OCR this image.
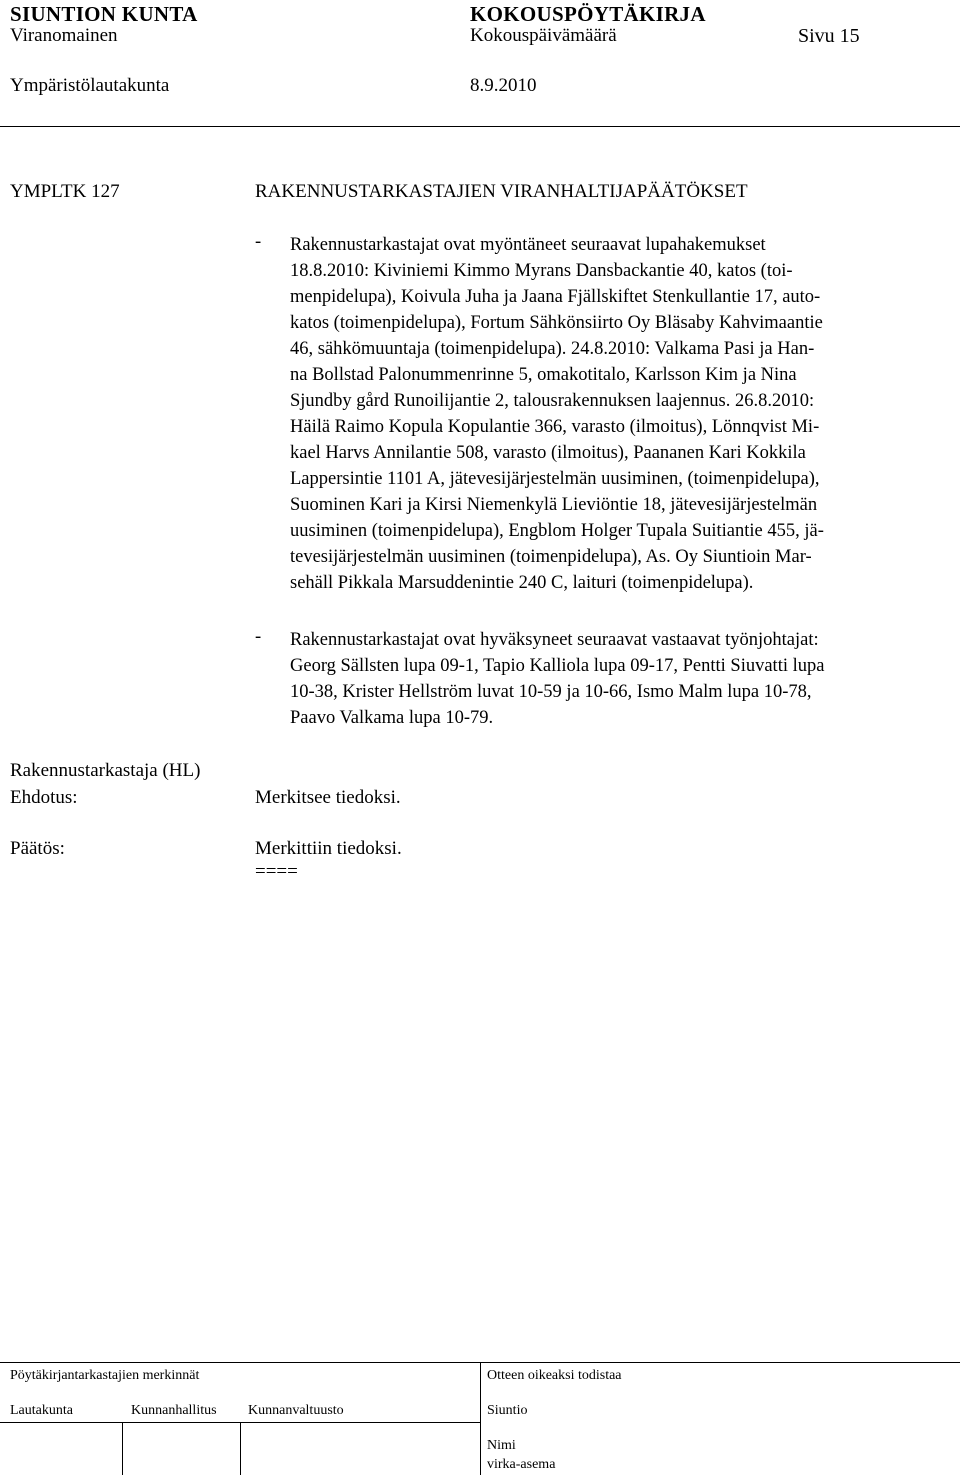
SIUNTION KUNTA	KOKOUSPÖYTÄKIRJA
Viranomainen	Kokouspäivämäärä	Sivu 15
Ympäristölautakunta	8.9.2010
YMPLTK 127	RAKENNUSTARKASTAJIEN VIRANHALTIJAPÄÄTÖKSET
- Rakennustarkastajat ovat myöntäneet seuraavat lupahakemukset
18.8.2010: Kiviniemi Kimmo Myrans Dansbackantie 40, katos (toi-
menpidelupa), Koivula Juha ja Jaana Fjällskiftet Stenkullantie 17, auto-
katos (toimenpidelupa), Fortum Sähkönsiirto Oy Bläsaby Kahvimaantie
46, sähkömuuntaja (toimenpidelupa). 24.8.2010: Valkama Pasi ja Han-
na Bollstad Palonummenrinne 5, omakotitalo, Karlsson Kim ja Nina
Sjundby gård Runoilijantie 2, talousrakennuksen laajennus. 26.8.2010:
Häilä Raimo Kopula Kopulantie 366, varasto (ilmoitus), Lönnqvist Mi-
kael Harvs Annilantie 508, varasto (ilmoitus), Paananen Kari Kokkila
Lappersintie 1101 A, jätevesijärjestelmän uusiminen, (toimenpidelupa),
Suominen Kari ja Kirsi Niemenkylä Lieviöntie 18, jätevesijärjestelmän
uusiminen (toimenpidelupa), Engblom Holger Tupala Suitiantie 455, jä-
tevesijärjestelmän uusiminen (toimenpidelupa), As. Oy Siuntioin Mar-
sehäll Pikkala Marsuddenintie 240 C, laituri (toimenpidelupa).
- Rakennustarkastajat ovat hyväksyneet seuraavat vastaavat työnjohtajat:
Georg Sällsten lupa 09-1, Tapio Kalliola lupa 09-17, Pentti Siuvatti lupa
10-38, Krister Hellström luvat 10-59 ja 10-66, Ismo Malm lupa 10-78,
Paavo Valkama lupa 10-79.
Rakennustarkastaja (HL)
Ehdotus:	Merkitsee tiedoksi.
Päätös:	Merkittiin tiedoksi.
====
Pöytäkirjantarkastajien merkinnät	Otteen oikeaksi todistaa
Lautakunta	Kunnanhallitus Kunnanvaltuusto	Siuntio
Nimi
virka-asema
